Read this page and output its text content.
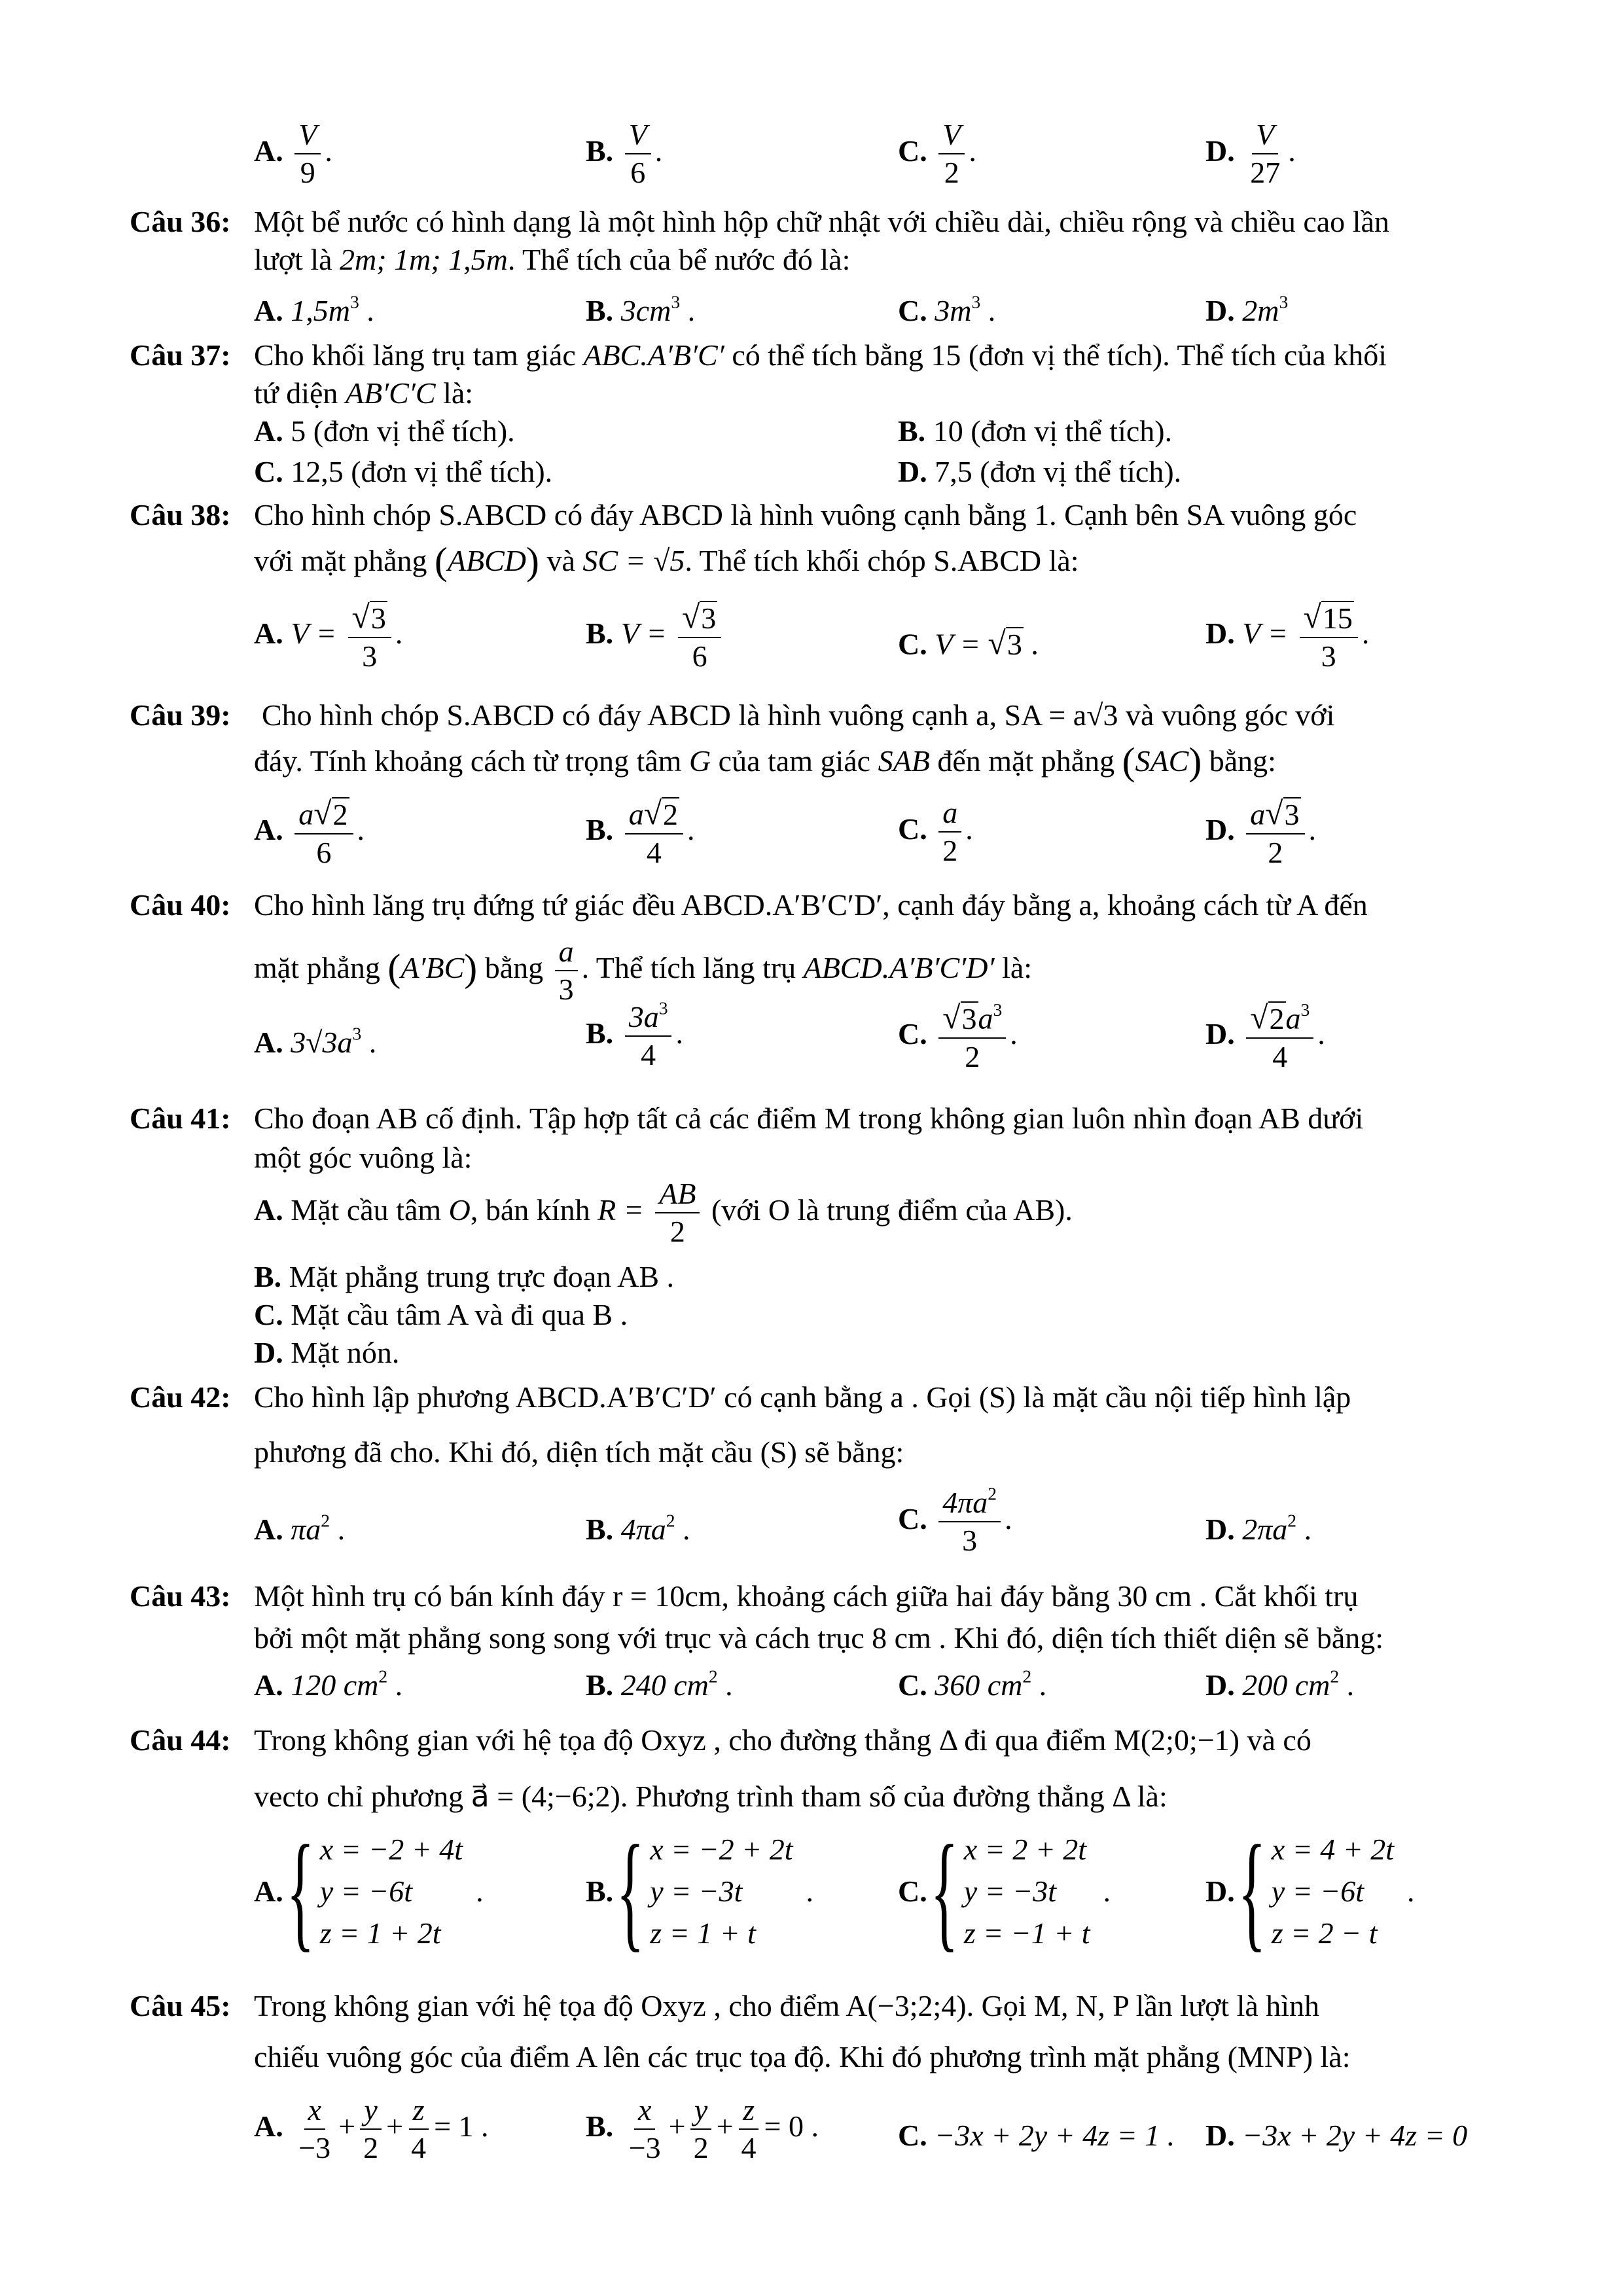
A. $\frac{V}{9}$ .	B. $\frac{V}{6}$ .	C. $\frac{V}{2}$ .	D. $\frac{V}{27}$ .
Câu 36: Một bể nước có hình dạng là một hình hộp chữ nhật với chiều dài, chiều rộng và chiều cao lần
lượt là 2m; 1m; 1,5m. Thể tích của bể nước đó là:
A. $1,5m^3$ .	B. $3cm^3$ .	C. $3m^3$ .	D. $2m^3$
Câu 37: Cho khối lăng trụ tam giác ABC.A′B′C′ có thể tích bằng 15 (đơn vị thể tích). Thể tích của khối
tứ diện AB′C′C là:
A. 5 (đơn vị thể tích).	B. 10 (đơn vị thể tích).
C. 12,5 (đơn vị thể tích).	D. 7,5 (đơn vị thể tích).
Câu 38: Cho hình chóp S.ABCD có đáy ABCD là hình vuông cạnh bằng 1. Cạnh bên SA vuông góc
với mặt phẳng (ABCD) và SC = √5. Thể tích khối chóp S.ABCD là:
A. $V = \frac{√ 3}{3}$ .	B. $V = \frac{√ 3}{6}$	C. V = √ 3 .	D. $V = \frac{√ 15}{3}$ .
Câu 39: Cho hình chóp S.ABCD có đáy ABCD là hình vuông cạnh a, SA = a√3 và vuông góc với
đáy. Tính khoảng cách từ trọng tâm G của tam giác SAB đến mặt phẳng (SAC) bằng:
A. $\frac{a √ 2}{6}$ .	B. $\frac{a √ 2}{4}$ .	C. $\frac{a}{2}$ .	D. $\frac{a √ 3}{2}$ .
Câu 40: Cho hình lăng trụ đứng tứ giác đều ABCD.A′B′C′D′, cạnh đáy bằng a, khoảng cách từ A đến
mặt phẳng (A′BC) bằng $\frac{a}{3}$ . Thể tích lăng trụ ABCD.A′B′C′D′ là:
A. $3√3a^3$ .	B. $\frac{3a^3}{4}$ .	C. $\frac{√ 3 a^3}{2}$ .	D. $\frac{√ 2 a^3}{4}$ .
Câu 41: Cho đoạn AB cố định. Tập hợp tất cả các điểm M trong không gian luôn nhìn đoạn AB dưới
một góc vuông là:
A. Mặt cầu tâm O, bán kính $R = \frac{AB}{2}$ (với O là trung điểm của AB).
B. Mặt phẳng trung trực đoạn AB .
C. Mặt cầu tâm A và đi qua B .
D. Mặt nón.
Câu 42: Cho hình lập phương ABCD.A′B′C′D′ có cạnh bằng a . Gọi (S) là mặt cầu nội tiếp hình lập
phương đã cho. Khi đó, diện tích mặt cầu (S) sẽ bằng:
A. $\pi a^2$ .	B. $4\pi a^2$ .	C. $\frac{4\pi a^2}{3}$ .	D. $2\pi a^2$ .
Câu 43: Một hình trụ có bán kính đáy r = 10cm, khoảng cách giữa hai đáy bằng 30 cm . Cắt khối trụ
bởi một mặt phẳng song song với trục và cách trục 8 cm . Khi đó, diện tích thiết diện sẽ bằng:
A. 120 $cm^2$ .	B. 240 $cm^2$ .	C. 360 $cm^2$ .	D. 200 $cm^2$ .
Câu 44: Trong không gian với hệ tọa độ Oxyz , cho đường thẳng Δ đi qua điểm M(2;0;−1) và có
vecto chỉ phương a⃗ = (4;−6;2). Phương trình tham số của đường thẳng Δ là:
A. { x = −2 + 4t
y = −6t
z = 1 + 2t
.	B. { x = −2 + 2t
y = −3t
z = 1 + t
.	C. { x = 2 + 2t
y = −3t
z = −1 + t
.	D. { x = 4 + 2t
y = −6t
z = 2 − t
.
Câu 45: Trong không gian với hệ tọa độ Oxyz , cho điểm A(−3;2;4). Gọi M, N, P lần lượt là hình
chiếu vuông góc của điểm A lên các trục tọa độ. Khi đó phương trình mặt phẳng (MNP) là:
A. $\frac{x}{-3} + \frac{y}{2} + \frac{z}{4} = 1$ .	B. $\frac{x}{-3} + \frac{y}{2} + \frac{z}{4} = 0$ .	C. −3x + 2y + 4z = 1 . D. −3x + 2y + 4z = 0
